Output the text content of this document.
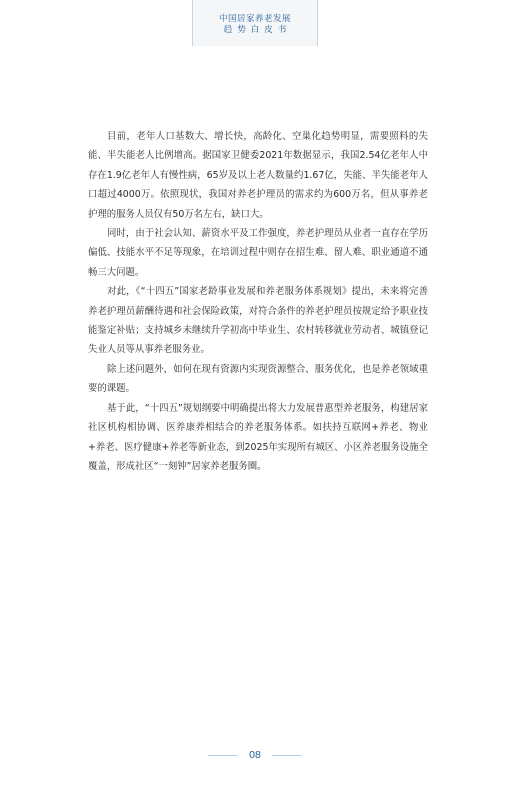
中国居家养老发展
趋势白皮书

目前，老年人口基数大、增长快，高龄化、空巢化趋势明显，需要照料的失能、半失能老人比例增高。据国家卫健委2021年数据显示，我国2.54亿老年人中存在1.9亿老年人有慢性病，65岁及以上老人数量约1.67亿，失能、半失能老年人口超过4000万。依照现状，我国对养老护理员的需求约为600万名，但从事养老护理的服务人员仅有50万名左右，缺口大。

同时，由于社会认知、薪资水平及工作强度，养老护理员从业者一直存在学历偏低、技能水平不足等现象，在培训过程中则存在招生难、留人难、职业通道不通畅三大问题。

对此，《“十四五”国家老龄事业发展和养老服务体系规划》提出，未来将完善养老护理员薪酬待遇和社会保险政策，对符合条件的养老护理员按规定给予职业技能鉴定补贴；支持城乡未继续升学初高中毕业生、农村转移就业劳动者、城镇登记失业人员等从事养老服务业。

除上述问题外，如何在现有资源内实现资源整合、服务优化，也是养老领域重要的课题。

基于此，“十四五”规划纲要中明确提出将大力发展普惠型养老服务，构建居家社区机构相协调、医养康养相结合的养老服务体系。如扶持互联网+养老、物业+养老、医疗健康+养老等新业态，到2025年实现所有城区、小区养老服务设施全覆盖，形成社区“一刻钟”居家养老服务圈。

08
